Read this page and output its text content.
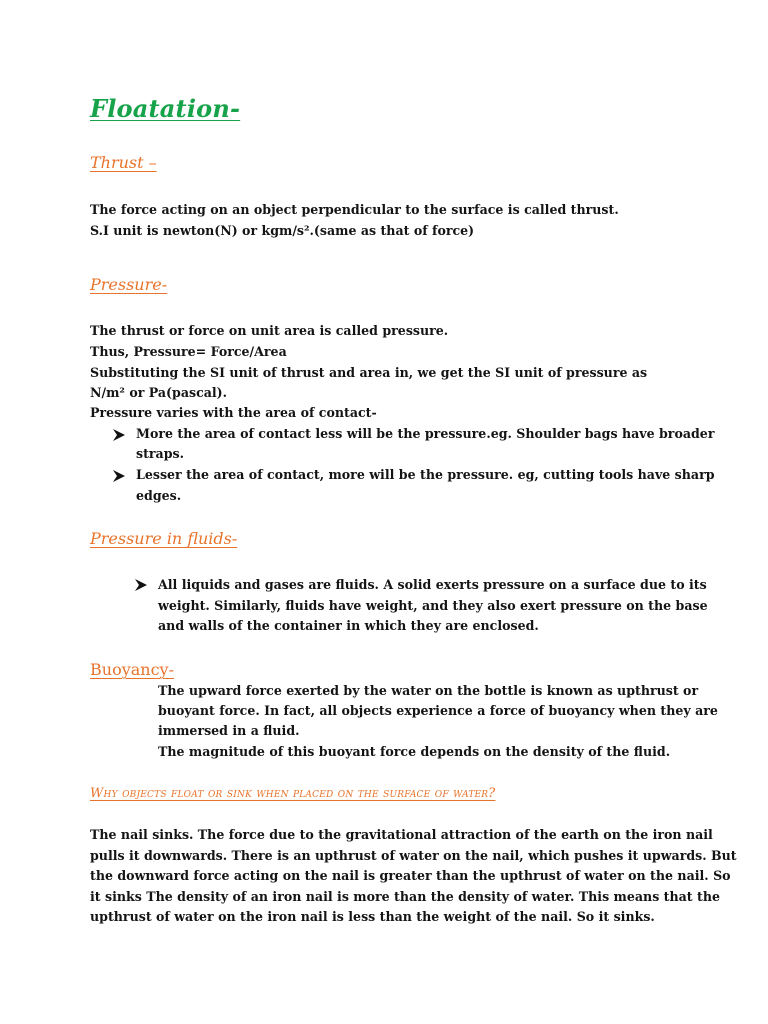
Floatation-
Thrust –

The force acting on an object perpendicular to the surface is called thrust.

S.I unit is newton(N) or kgm/s².(same as that of force)

Pressure-

The thrust or force on unit area is called pressure.

Thus, Pressure= Force/Area

Substituting the SI unit of thrust and area in, we get the SI unit of pressure as

N/m² or Pa(pascal).

Pressure varies with the area of contact-

More the area of contact less will be the pressure.eg. Shoulder bags have broader

straps.

Lesser the area of contact, more will be the pressure. eg, cutting tools have sharp

edges.

Pressure in fluids-

All liquids and gases are fluids. A solid exerts pressure on a surface due to its

weight. Similarly, fluids have weight, and they also exert pressure on the base

and walls of the container in which they are enclosed.

Buoyancy-

The upward force exerted by the water on the bottle is known as upthrust or

buoyant force. In fact, all objects experience a force of buoyancy when they are

immersed in a fluid.

The magnitude of this buoyant force depends on the density of the fluid.

Why objects float or sink when placed on the surface of water?

The nail sinks. The force due to the gravitational attraction of the earth on the iron nail

pulls it downwards. There is an upthrust of water on the nail, which pushes it upwards. But

the downward force acting on the nail is greater than the upthrust of water on the nail. So

it sinks The density of an iron nail is more than the density of water. This means that the

upthrust of water on the iron nail is less than the weight of the nail. So it sinks.
